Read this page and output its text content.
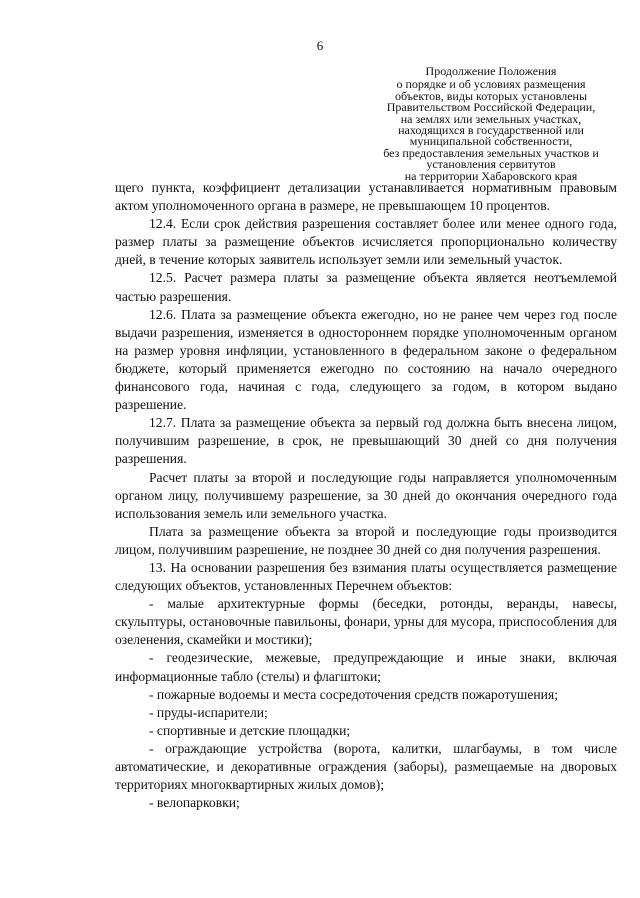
6
Продолжение Положения
о порядке и об условиях размещения
объектов, виды которых установлены
Правительством Российской Федерации,
на землях или земельных участках,
находящихся в государственной или
муниципальной собственности,
без предоставления земельных участков и
установления сервитутов
на территории Хабаровского края

щего пункта, коэффициент детализации устанавливается нормативным правовым актом уполномоченного органа в размере, не превышающем 10 процентов.

12.4. Если срок действия разрешения составляет более или менее одного года, размер платы за размещение объектов исчисляется пропорционально количеству дней, в течение которых заявитель использует земли или земельный участок.

12.5. Расчет размера платы за размещение объекта является неотъемлемой частью разрешения.

12.6. Плата за размещение объекта ежегодно, но не ранее чем через год после выдачи разрешения, изменяется в одностороннем порядке уполномоченным органом на размер уровня инфляции, установленного в федеральном законе о федеральном бюджете, который применяется ежегодно по состоянию на начало очередного финансового года, начиная с года, следующего за годом, в котором выдано разрешение.

12.7. Плата за размещение объекта за первый год должна быть внесена лицом, получившим разрешение, в срок, не превышающий 30 дней со дня получения разрешения.

Расчет платы за второй и последующие годы направляется уполномоченным органом лицу, получившему разрешение, за 30 дней до окончания очередного года использования земель или земельного участка.

Плата за размещение объекта за второй и последующие годы производится лицом, получившим разрешение, не позднее 30 дней со дня получения разрешения.

13. На основании разрешения без взимания платы осуществляется размещение следующих объектов, установленных Перечнем объектов:

- малые архитектурные формы (беседки, ротонды, веранды, навесы, скульптуры, остановочные павильоны, фонари, урны для мусора, приспособления для озеленения, скамейки и мостики);

- геодезические, межевые, предупреждающие и иные знаки, включая информационные табло (стелы) и флагштоки;

- пожарные водоемы и места сосредоточения средств пожаротушения;

- пруды-испарители;

- спортивные и детские площадки;

- ограждающие устройства (ворота, калитки, шлагбаумы, в том числе автоматические, и декоративные ограждения (заборы), размещаемые на дворовых территориях многоквартирных жилых домов);

- велопарковки;
